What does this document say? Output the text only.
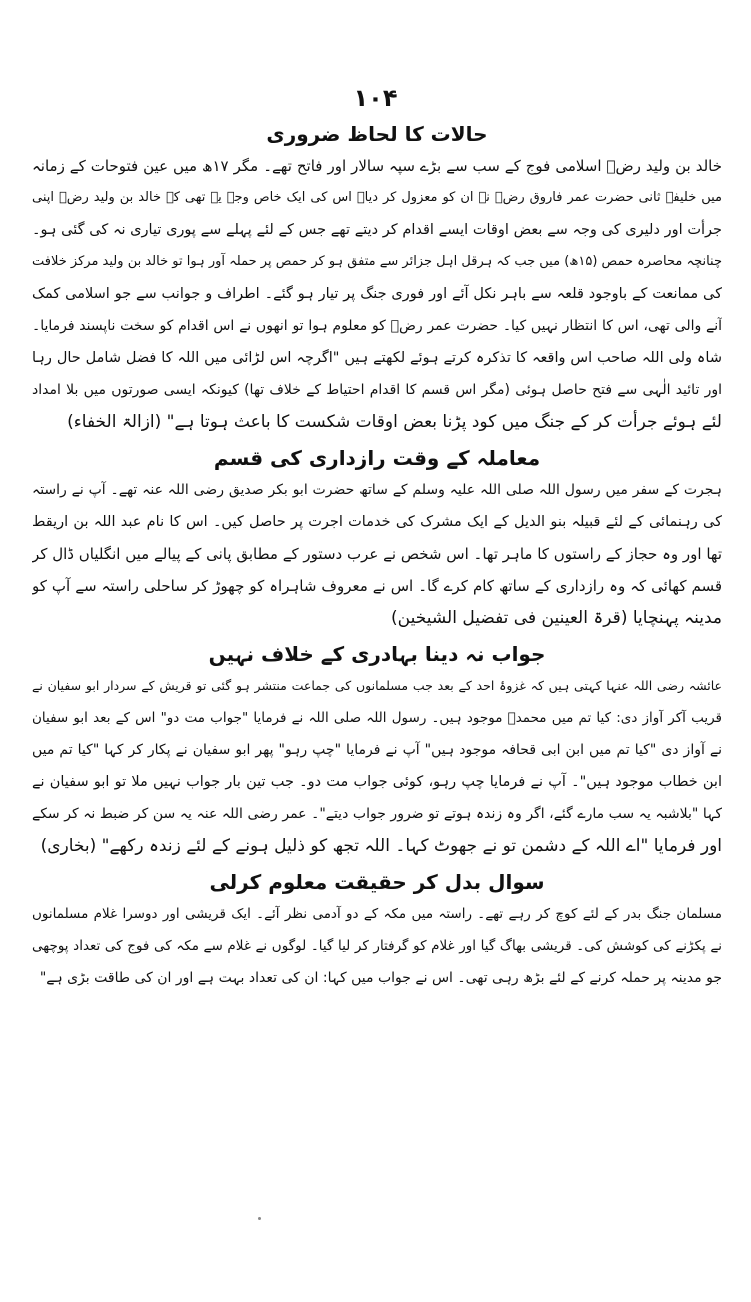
۱۰۴
حالات کا لحاظ ضروری
خالد بن ولید رضؓ اسلامی فوج کے سب سے بڑے سپہ سالار اور فاتح تھے۔ مگر ۱۷ھ میں عین فتوحات کے زمانہ
میں خلیفہ ثانی حضرت عمر فاروق رضؓ نے ان کو معزول کر دیا۔ اس کی ایک خاص وجہ یہ تھی کہ خالد بن ولید رضؓ اپنی
جرأت اور دلیری کی وجہ سے بعض اوقات ایسے اقدام کر دیتے تھے جس کے لئے پہلے سے پوری تیاری نہ کی گئی ہو۔
چنانچہ محاصرہ حمص (۱۵ھ) میں جب کہ ہرقل اہل جزائر سے متفق ہو کر حمص پر حملہ آور ہوا تو خالد بن ولید مرکز خلافت
کی ممانعت کے باوجود قلعہ سے باہر نکل آئے اور فوری جنگ پر تیار ہو گئے۔ اطراف و جوانب سے جو اسلامی کمک
آنے والی تھی، اس کا انتظار نہیں کیا۔ حضرت عمر رضؓ کو معلوم ہوا تو انھوں نے اس اقدام کو سخت ناپسند فرمایا۔
شاہ ولی اللہ صاحب اس واقعہ کا تذکرہ کرتے ہوئے لکھتے ہیں "اگرچہ اس لڑائی میں اللہ کا فضل شامل حال رہا
اور تائید الٰہی سے فتح حاصل ہوئی (مگر اس قسم کا اقدام احتیاط کے خلاف تھا) کیونکہ ایسی صورتوں میں بلا امداد
لئے ہوئے جرأت کر کے جنگ میں کود پڑنا بعض اوقات شکست کا باعث ہوتا ہے" (ازالۃ الخفاء)
معاملہ کے وقت رازداری کی قسم
ہجرت کے سفر میں رسول اللہ صلی اللہ علیہ وسلم کے ساتھ حضرت ابو بکر صدیق رضی اللہ عنہ تھے۔ آپ نے راستہ
کی رہنمائی کے لئے قبیلہ بنو الدیل کے ایک مشرک کی خدمات اجرت پر حاصل کیں۔ اس کا نام عبد اللہ بن اریقط
تھا اور وہ حجاز کے راستوں کا ماہر تھا۔ اس شخص نے عرب دستور کے مطابق پانی کے پیالے میں انگلیاں ڈال کر
قسم کھائی کہ وہ رازداری کے ساتھ کام کرے گا۔ اس نے معروف شاہراہ کو چھوڑ کر ساحلی راستہ سے آپ کو
مدینہ پہنچایا (قرۃ العینین فی تفضیل الشیخین)
جواب نہ دینا بہادری کے خلاف نہیں
عائشہ رضی اللہ عنہا کہتی ہیں کہ غزوۂ احد کے بعد جب مسلمانوں کی جماعت منتشر ہو گئی تو قریش کے سردار ابو سفیان نے
قریب آکر آواز دی: کیا تم میں محمدؐ موجود ہیں۔ رسول اللہ صلی اللہ نے فرمایا "جواب مت دو" اس کے بعد ابو سفیان
نے آواز دی "کیا تم میں ابن ابی قحافہ موجود ہیں" آپ نے فرمایا "چپ رہو" پھر ابو سفیان نے پکار کر کہا "کیا تم میں
ابن خطاب موجود ہیں"۔ آپ نے فرمایا چپ رہو، کوئی جواب مت دو۔ جب تین بار جواب نہیں ملا تو ابو سفیان نے
کہا "بلاشبہ یہ سب مارے گئے، اگر وہ زندہ ہوتے تو ضرور جواب دیتے"۔ عمر رضی اللہ عنہ یہ سن کر ضبط نہ کر سکے
اور فرمایا "اے اللہ کے دشمن تو نے جھوٹ کہا۔ اللہ تجھ کو ذلیل ہونے کے لئے زندہ رکھے" (بخاری)
سوال بدل کر حقیقت معلوم کرلی
مسلمان جنگ بدر کے لئے کوچ کر رہے تھے۔ راستہ میں مکہ کے دو آدمی نظر آئے۔ ایک قریشی اور دوسرا غلام مسلمانوں
نے پکڑنے کی کوشش کی۔ قریشی بھاگ گیا اور غلام کو گرفتار کر لیا گیا۔ لوگوں نے غلام سے مکہ کی فوج کی تعداد پوچھی
جو مدینہ پر حملہ کرنے کے لئے بڑھ رہی تھی۔ اس نے جواب میں کہا: ان کی تعداد بہت ہے اور ان کی طاقت بڑی ہے"
